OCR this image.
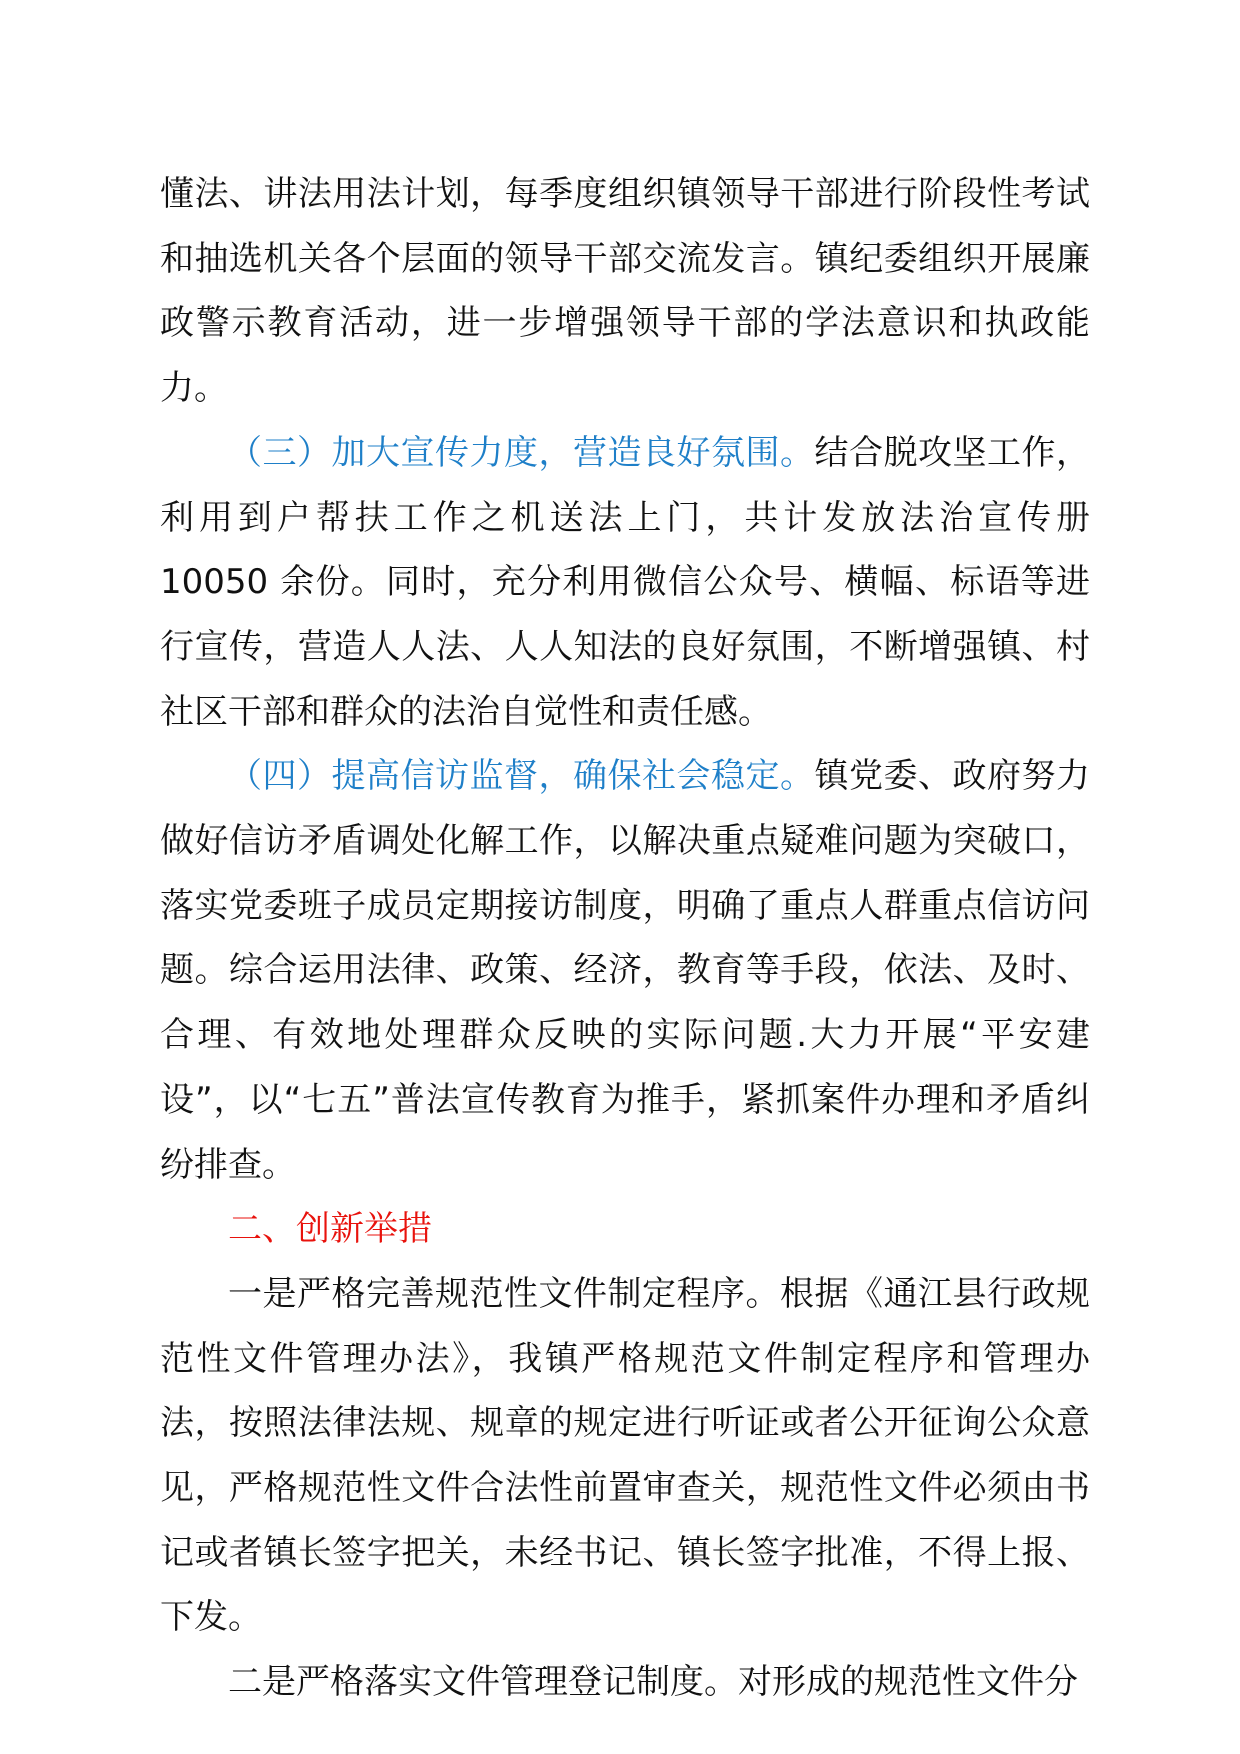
懂法、讲法用法计划，每季度组织镇领导干部进行阶段性考试和抽选机关各个层面的领导干部交流发言。镇纪委组织开展廉政警示教育活动，进一步增强领导干部的学法意识和执政能力。

（三）加大宣传力度，营造良好氛围。结合脱攻坚工作，利用到户帮扶工作之机送法上门，共计发放法治宣传册 10050 余份。同时，充分利用微信公众号、横幅、标语等进行宣传，营造人人法、人人知法的良好氛围，不断增强镇、村社区干部和群众的法治自觉性和责任感。

（四）提高信访监督，确保社会稳定。镇党委、政府努力做好信访矛盾调处化解工作，以解决重点疑难问题为突破口，落实党委班子成员定期接访制度，明确了重点人群重点信访问题。综合运用法律、政策、经济，教育等手段，依法、及时、合理、有效地处理群众反映的实际问题.大力开展“平安建设”，以“七五”普法宣传教育为推手，紧抓案件办理和矛盾纠纷排查。

二、创新举措

一是严格完善规范性文件制定程序。根据《通江县行政规范性文件管理办法》，我镇严格规范文件制定程序和管理办法，按照法律法规、规章的规定进行听证或者公开征询公众意见，严格规范性文件合法性前置审查关，规范性文件必须由书记或者镇长签字把关，未经书记、镇长签字批准，不得上报、下发。

二是严格落实文件管理登记制度。对形成的规范性文件分
